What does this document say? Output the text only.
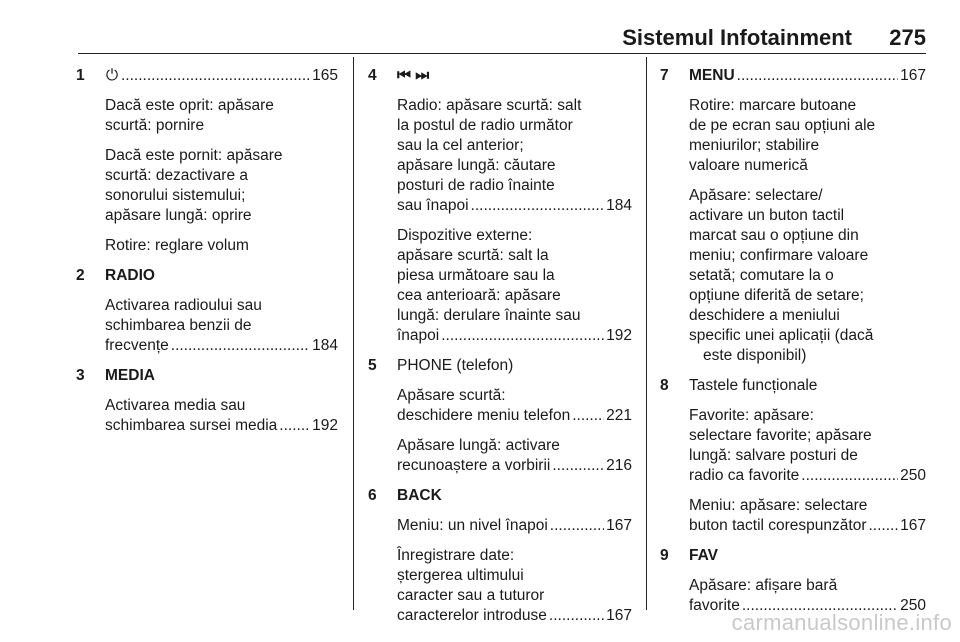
Sistemul Infotainment 275
1 ⏻ .....	165
Dacă este oprit: apăsare
scurtă: pornire
Dacă este pornit: apăsare
scurtă: dezactivare a
sonorului sistemului;
apăsare lungă: oprire
Rotire: reglare volum
2 RADIO
Activarea radioului sau
schimbarea benzii de
frecvențe .....	184
3 MEDIA
Activarea media sau
schimbarea sursei media ..... 192
4 ⏮ ⏭
Radio: apăsare scurtă: salt
la postul de radio următor
sau la cel anterior;
apăsare lungă: căutare
posturi de radio înainte
sau înapoi .....	184
Dispozitive externe:
apăsare scurtă: salt la
piesa următoare sau la
cea anterioară: apăsare
lungă: derulare înainte sau
înapoi .....	192
5 PHONE (telefon)
Apăsare scurtă:
deschidere meniu telefon ..... 221
Apăsare lungă: activare
recunoaștere a vorbirii .....	216
6 BACK
Meniu: un nivel înapoi .....	167
Înregistrare date:
ștergerea ultimului
caracter sau a tuturor
caracterelor introduse .....	167
7 MENU .....	167
Rotire: marcare butoane
de pe ecran sau opțiuni ale
meniurilor; stabilire
valoare numerică
Apăsare: selectare/
activare un buton tactil
marcat sau o opțiune din
meniu; confirmare valoare
setată; comutare la o
opțiune diferită de setare;
deschidere a meniului
specific unei aplicații (dacă
este disponibil)
8 Tastele funcționale
Favorite: apăsare:
selectare favorite; apăsare
lungă: salvare posturi de
radio ca favorite .....	250
Meniu: apăsare: selectare
buton tactil corespunzător ..... 167
9 FAV
Apăsare: afișare bară
favorite .....	250
carmanualsonline.info
